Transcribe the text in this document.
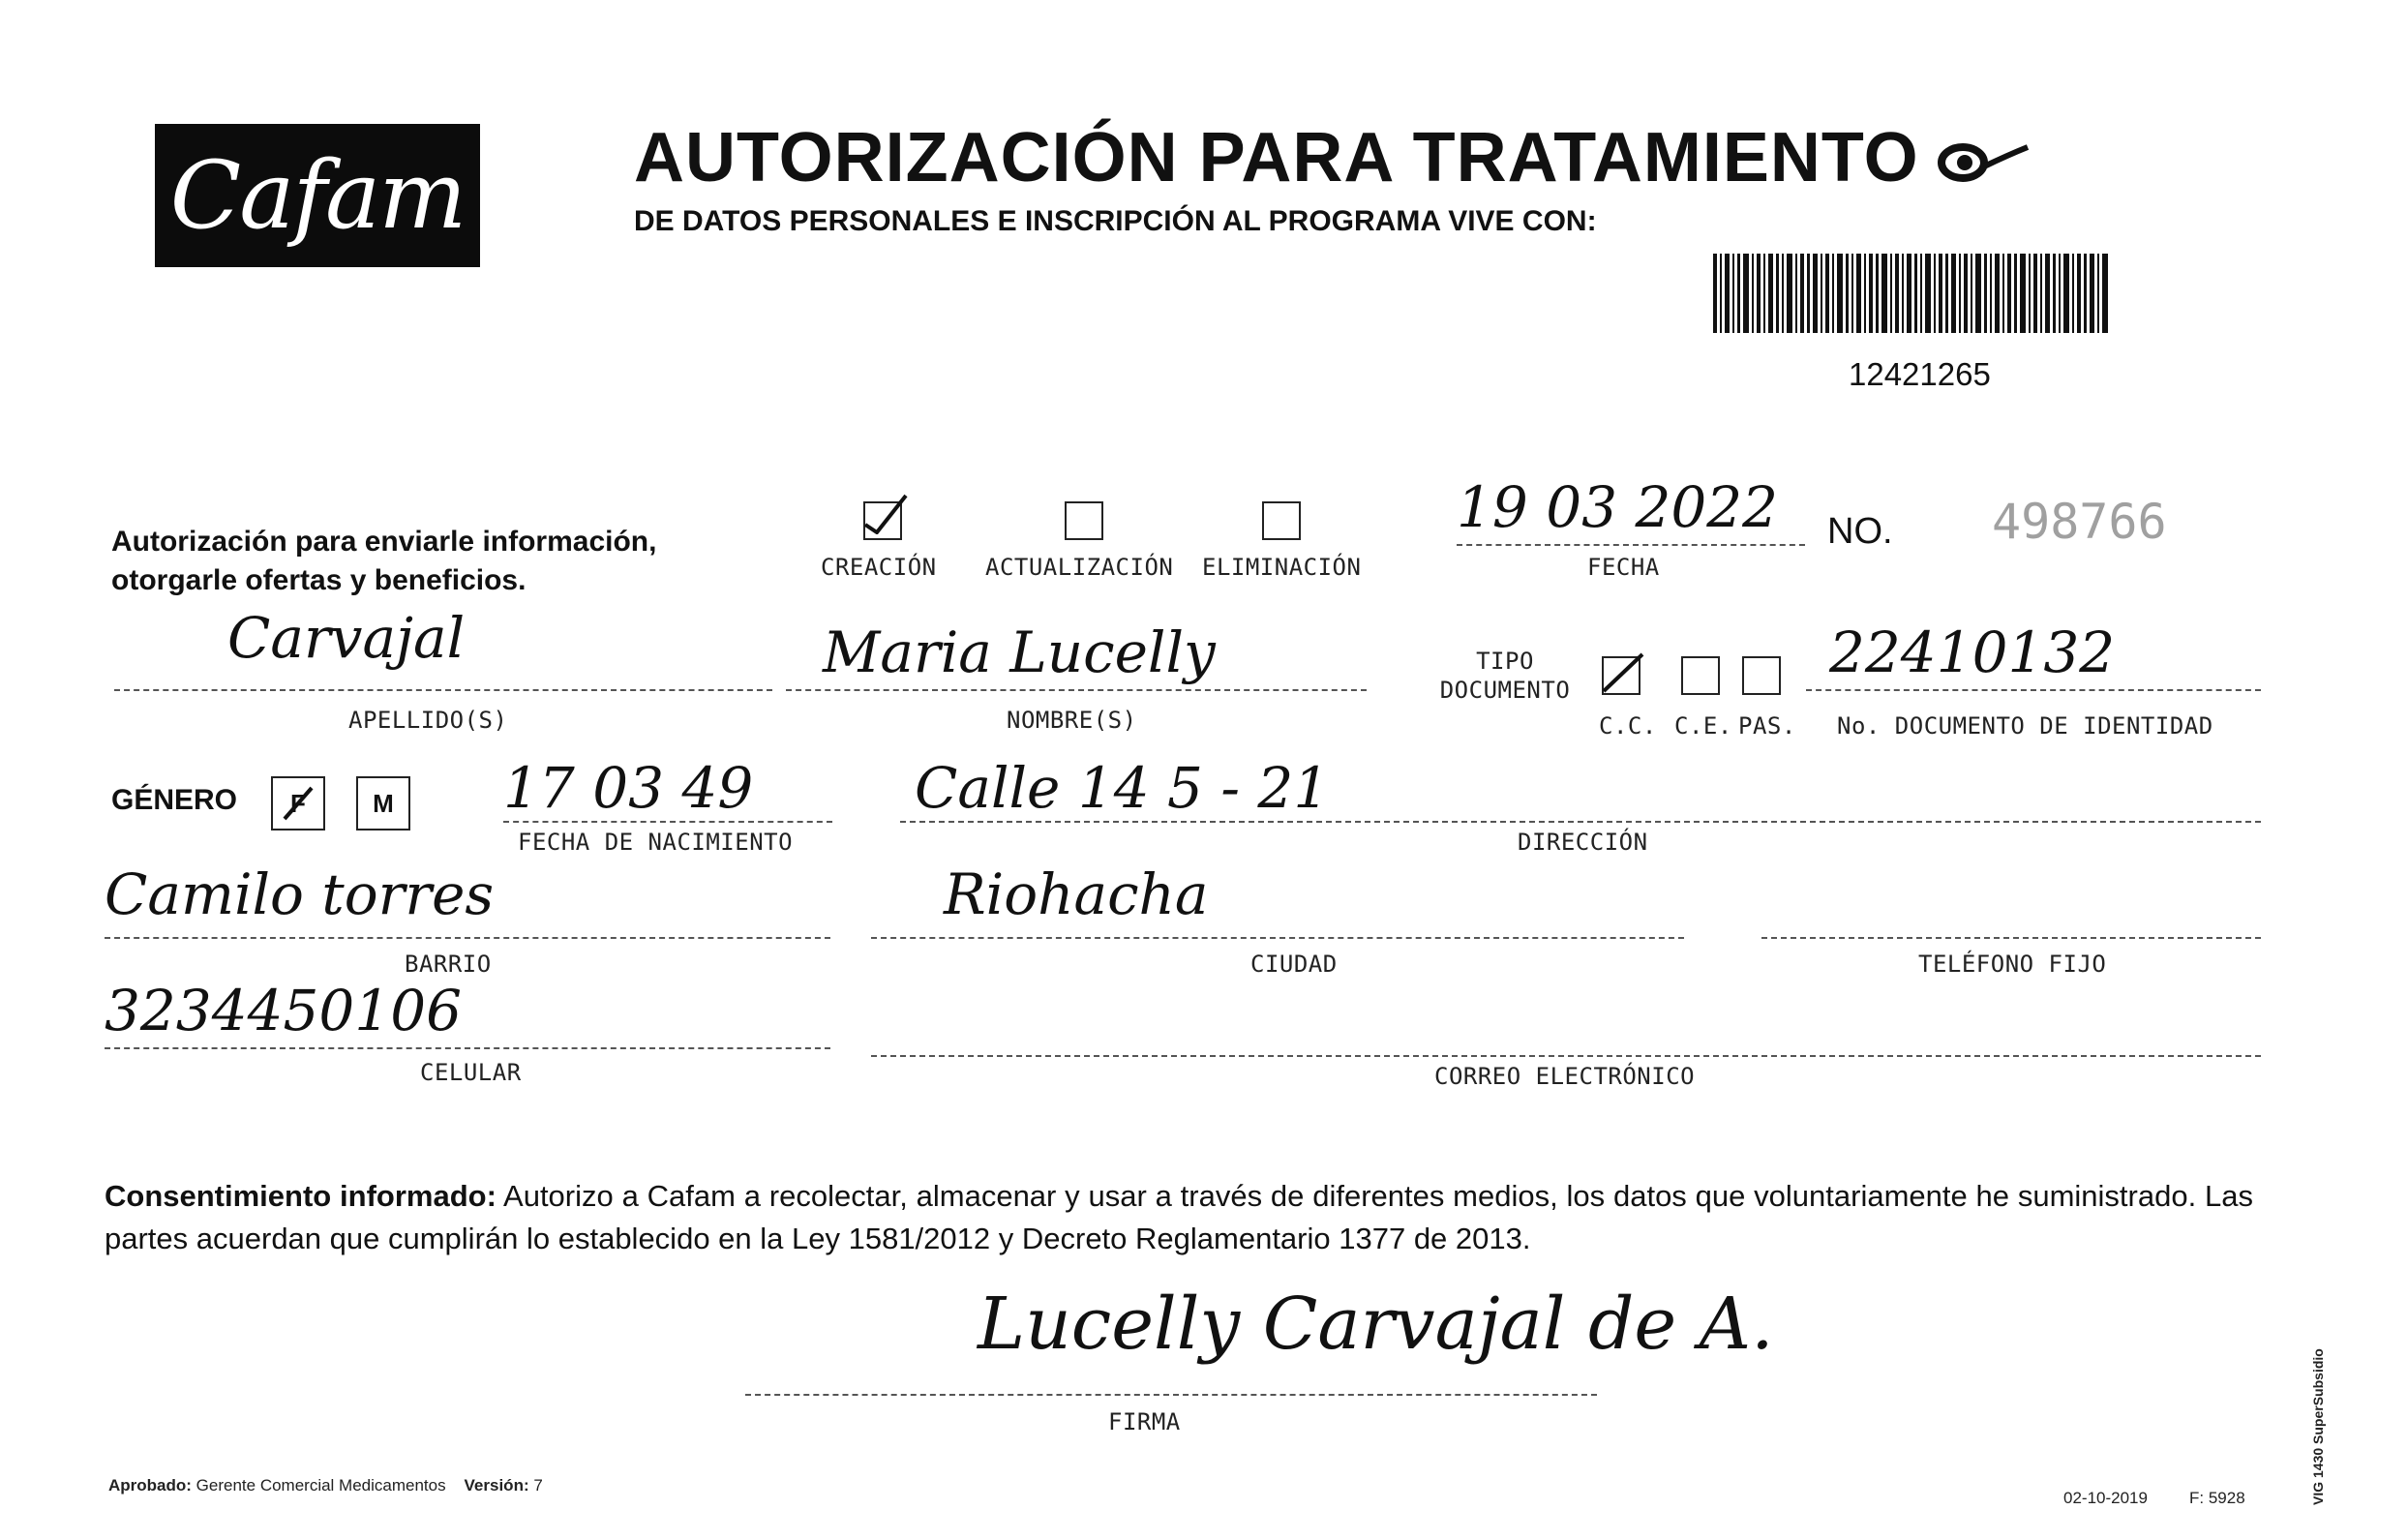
Cafam AUTORIZACIÓN PARA TRATAMIENTO
DE DATOS PERSONALES E INSCRIPCIÓN AL PROGRAMA VIVE CON:
12421265
Autorización para enviarle información, otorgarle ofertas y beneficios.	CREACIÓN ACTUALIZACIÓN ELIMINACIÓN
19 03 2022
FECHA
NO. 498766
Carvajal
APELLIDO(S)
Maria Lucelly
NOMBRE(S)
TIPO DOCUMENTO
C.C. C.E. PAS.
22410132
No. DOCUMENTO DE IDENTIDAD
GÉNERO F	M 17 03 49
FECHA DE NACIMIENTO
Calle 14 5 - 21
DIRECCIÓN
Camilo torres
BARRIO
Riohacha
CIUDAD	TELÉFONO FIJO
3234450106
CELULAR	CORREO ELECTRÓNICO
Consentimiento informado: Autorizo a Cafam a recolectar, almacenar y usar a través de diferentes medios, los datos que voluntariamente he suministrado. Las partes acuerdan que cumplirán lo establecido en la Ley 1581/2012 y Decreto Reglamentario 1377 de 2013.
Lucelly Carvajal de A.
FIRMA
Aprobado: Gerente Comercial Medicamentos Versión: 7
02-10-2019	F: 5928	VIG 1430 SuperSubsidio
